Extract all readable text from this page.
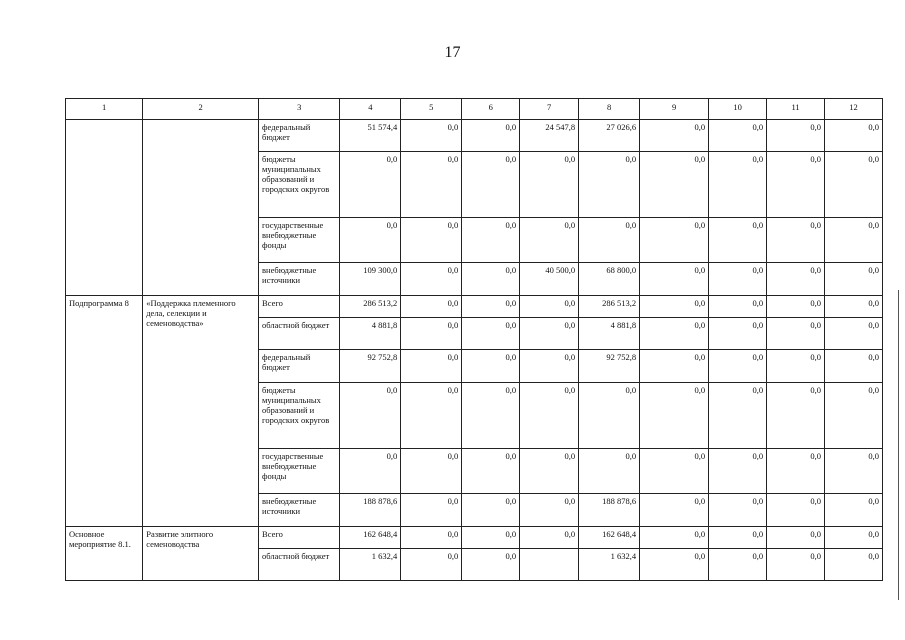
17
1	2	3	4	5	6	7	8	9	10	11	12
		федеральный бюджет	51 574,4	0,0	0,0	24 547,8	27 026,6	0,0	0,0	0,0	0,0
		бюджеты муниципальных образований и городских округов	0,0	0,0	0,0	0,0	0,0	0,0	0,0	0,0	0,0
		государственные внебюджетные фонды	0,0	0,0	0,0	0,0	0,0	0,0	0,0	0,0	0,0
		внебюджетные источники	109 300,0	0,0	0,0	40 500,0	68 800,0	0,0	0,0	0,0	0,0
Подпрограмма 8	«Поддержка племенного дела, селекции и семеноводства»	Всего	286 513,2	0,0	0,0	0,0	286 513,2	0,0	0,0	0,0	0,0
		областной бюджет	4 881,8	0,0	0,0	0,0	4 881,8	0,0	0,0	0,0	0,0
		федеральный бюджет	92 752,8	0,0	0,0	0,0	92 752,8	0,0	0,0	0,0	0,0
		бюджеты муниципальных образований и городских округов	0,0	0,0	0,0	0,0	0,0	0,0	0,0	0,0	0,0
		государственные внебюджетные фонды	0,0	0,0	0,0	0,0	0,0	0,0	0,0	0,0	0,0
		внебюджетные источники	188 878,6	0,0	0,0	0,0	188 878,6	0,0	0,0	0,0	0,0
Основное мероприятие 8.1.	Развитие элитного семеноводства	Всего	162 648,4	0,0	0,0	0,0	162 648,4	0,0	0,0	0,0	0,0
		областной бюджет	1 632,4	0,0	0,0		1 632,4	0,0	0,0	0,0	0,0
